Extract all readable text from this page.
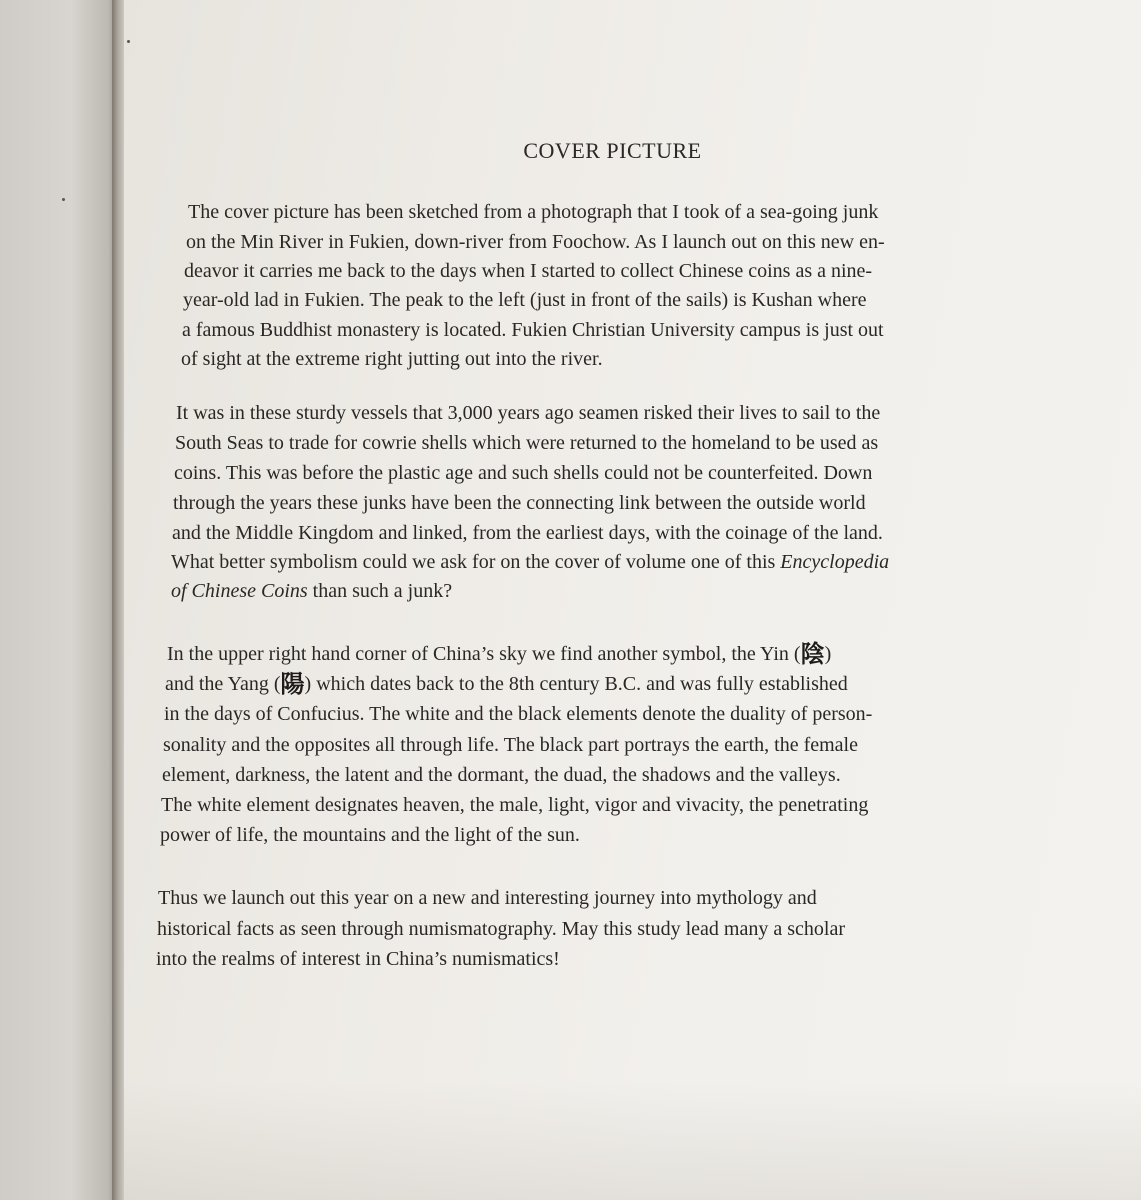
COVER PICTURE
The cover picture has been sketched from a photograph that I took of a sea-going junk
on the Min River in Fukien, down-river from Foochow. As I launch out on this new en-
deavor it carries me back to the days when I started to collect Chinese coins as a nine-
year-old lad in Fukien. The peak to the left (just in front of the sails) is Kushan where
a famous Buddhist monastery is located. Fukien Christian University campus is just out
of sight at the extreme right jutting out into the river.
It was in these sturdy vessels that 3,000 years ago seamen risked their lives to sail to the
South Seas to trade for cowrie shells which were returned to the homeland to be used as
coins. This was before the plastic age and such shells could not be counterfeited. Down
through the years these junks have been the connecting link between the outside world
and the Middle Kingdom and linked, from the earliest days, with the coinage of the land.
What better symbolism could we ask for on the cover of volume one of this Encyclopedia
of Chinese Coins than such a junk?
In the upper right hand corner of China’s sky we find another symbol, the Yin (陰)
and the Yang (陽) which dates back to the 8th century B.C. and was fully established
in the days of Confucius. The white and the black elements denote the duality of person-
sonality and the opposites all through life. The black part portrays the earth, the female
element, darkness, the latent and the dormant, the duad, the shadows and the valleys.
The white element designates heaven, the male, light, vigor and vivacity, the penetrating
power of life, the mountains and the light of the sun.
Thus we launch out this year on a new and interesting journey into mythology and
historical facts as seen through numismatography. May this study lead many a scholar
into the realms of interest in China’s numismatics!
